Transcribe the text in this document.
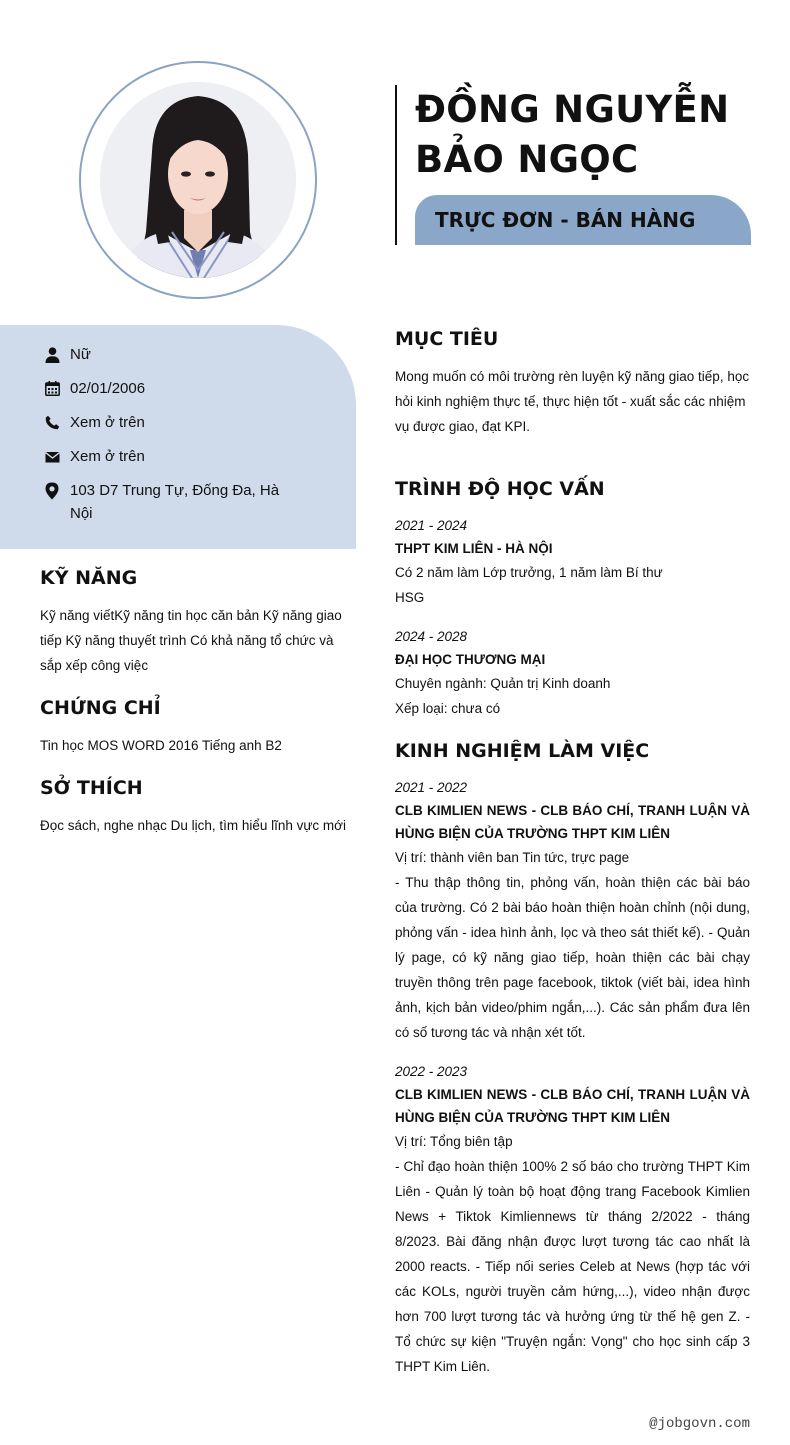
ĐỒNG NGUYỄN
BẢO NGỌC
TRỰC ĐƠN - BÁN HÀNG
Nữ
02/01/2006
Xem ở trên
Xem ở trên
103 D7 Trung Tự, Đống Đa, Hà Nội
KỸ NĂNG
Kỹ năng viếtKỹ năng tin học căn bản Kỹ năng giao tiếp Kỹ năng thuyết trình Có khả năng tổ chức và sắp xếp công việc
CHỨNG CHỈ
Tin học MOS WORD 2016 Tiếng anh B2
SỞ THÍCH
Đọc sách, nghe nhạc Du lịch, tìm hiểu lĩnh vực mới
MỤC TIÊU
Mong muốn có môi trường rèn luyện kỹ năng giao tiếp, học hỏi kinh nghiệm thực tế, thực hiện tốt - xuất sắc các nhiệm vụ được giao, đạt KPI.
TRÌNH ĐỘ HỌC VẤN
2021 - 2024
THPT KIM LIÊN - HÀ NỘI
Có 2 năm làm Lớp trưởng, 1 năm làm Bí thư
HSG
2024 - 2028
ĐẠI HỌC THƯƠNG MẠI
Chuyên ngành: Quản trị Kinh doanh
Xếp loại: chưa có
KINH NGHIỆM LÀM VIỆC
2021 - 2022
CLB KIMLIEN NEWS - CLB BÁO CHÍ, TRANH LUẬN VÀ HÙNG BIỆN CỦA TRƯỜNG THPT KIM LIÊN
Vị trí: thành viên ban Tin tức, trực page
- Thu thập thông tin, phỏng vấn, hoàn thiện các bài báo của trường. Có 2 bài báo hoàn thiện hoàn chỉnh (nội dung, phỏng vấn - idea hình ảnh, lọc và theo sát thiết kế). - Quản lý page, có kỹ năng giao tiếp, hoàn thiện các bài chạy truyền thông trên page facebook, tiktok (viết bài, idea hình ảnh, kịch bản video/phim ngắn,...). Các sản phẩm đưa lên có số tương tác và nhận xét tốt.
2022 - 2023
CLB KIMLIEN NEWS - CLB BÁO CHÍ, TRANH LUẬN VÀ HÙNG BIỆN CỦA TRƯỜNG THPT KIM LIÊN
Vị trí: Tổng biên tập
- Chỉ đạo hoàn thiện 100% 2 số báo cho trường THPT Kim Liên - Quản lý toàn bộ hoạt động trang Facebook Kimlien News + Tiktok Kimliennews từ tháng 2/2022 - tháng 8/2023. Bài đăng nhận được lượt tương tác cao nhất là 2000 reacts. - Tiếp nối series Celeb at News (hợp tác với các KOLs, người truyền cảm hứng,...), video nhận được hơn 700 lượt tương tác và hưởng ứng từ thế hệ gen Z. - Tổ chức sự kiện "Truyện ngắn: Vọng" cho học sinh cấp 3 THPT Kim Liên.
@jobgovn.com
